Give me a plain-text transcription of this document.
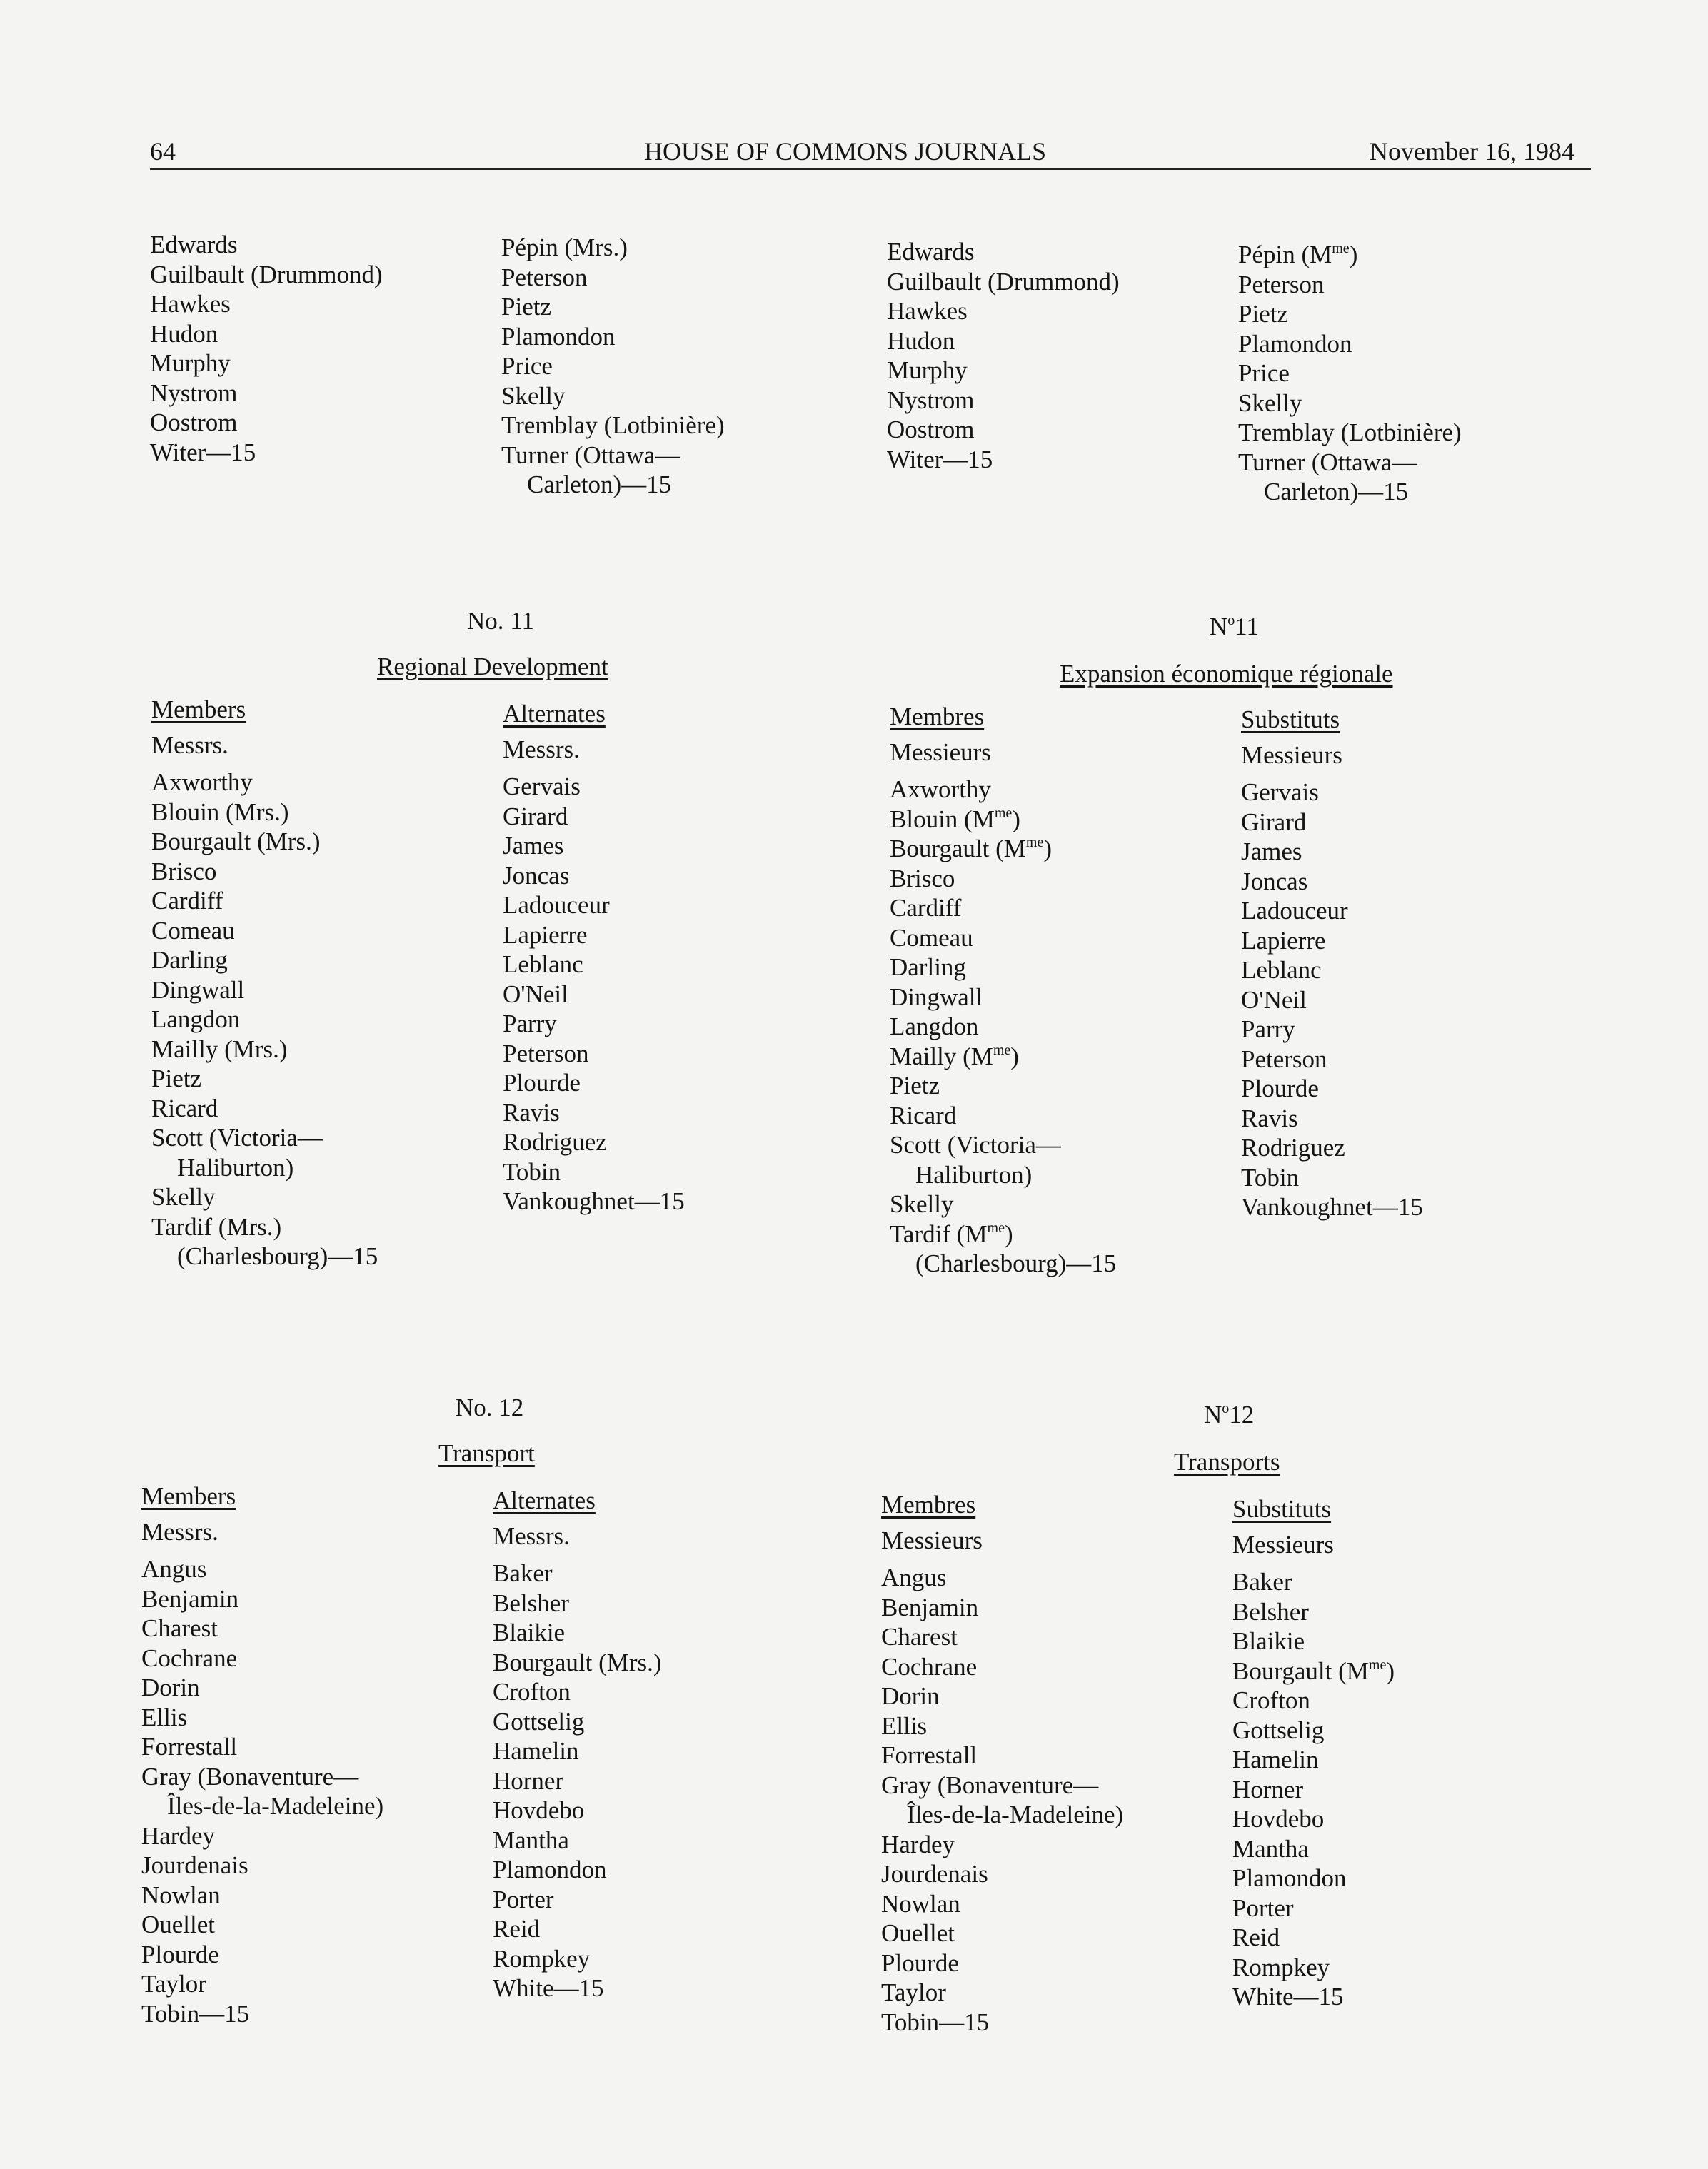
64	HOUSE OF COMMONS JOURNALS	November 16, 1984
Edwards
Guilbault (Drummond)
Hawkes
Hudon
Murphy
Nystrom
Oostrom
Witer—15
Pépin (Mrs.)
Peterson
Pietz
Plamondon
Price
Skelly
Tremblay (Lotbinière)
Turner (Ottawa—
Carleton)—15
Edwards
Guilbault (Drummond)
Hawkes
Hudon
Murphy
Nystrom
Oostrom
Witer—15
Pépin $(M^{me})$
Peterson
Pietz
Plamondon
Price
Skelly
Tremblay (Lotbinière)
Turner (Ottawa—
Carleton)—15
No. 11
Regional Development
Members
Messrs.
Axworthy
Blouin (Mrs.)
Bourgault (Mrs.)
Brisco
Cardiff
Comeau
Darling
Dingwall
Langdon
Mailly (Mrs.)
Pietz
Ricard
Scott (Victoria—
Haliburton)
Skelly
Tardif (Mrs.)
(Charlesbourg)—15
Alternates
Messrs.
Gervais
Girard
James
Joncas
Ladouceur
Lapierre
Leblanc
O'Neil
Parry
Peterson
Plourde
Ravis
Rodriguez
Tobin
Vankoughnet—15
$N^o11$
Expansion économique régionale
Membres
Messieurs
Axworthy
Blouin $(M^{me})$
Bourgault $(M^{me})$
Brisco
Cardiff
Comeau
Darling
Dingwall
Langdon
Mailly $(M^{me})$
Pietz
Ricard
Scott (Victoria—
Haliburton)
Skelly
Tardif $(M^{me})$
(Charlesbourg)—15
Substituts
Messieurs
Gervais
Girard
James
Joncas
Ladouceur
Lapierre
Leblanc
O'Neil
Parry
Peterson
Plourde
Ravis
Rodriguez
Tobin
Vankoughnet—15
No. 12
Transport
Members
Messrs.
Angus
Benjamin
Charest
Cochrane
Dorin
Ellis
Forrestall
Gray (Bonaventure—
Îles-de-la-Madeleine)
Hardey
Jourdenais
Nowlan
Ouellet
Plourde
Taylor
Tobin—15
Alternates
Messrs.
Baker
Belsher
Blaikie
Bourgault (Mrs.)
Crofton
Gottselig
Hamelin
Horner
Hovdebo
Mantha
Plamondon
Porter
Reid
Rompkey
White—15
$N^o12$
Transports
Membres
Messieurs
Angus
Benjamin
Charest
Cochrane
Dorin
Ellis
Forrestall
Gray (Bonaventure—
Îles-de-la-Madeleine)
Hardey
Jourdenais
Nowlan
Ouellet
Plourde
Taylor
Tobin—15
Substituts
Messieurs
Baker
Belsher
Blaikie
Bourgault $(M^{me})$
Crofton
Gottselig
Hamelin
Horner
Hovdebo
Mantha
Plamondon
Porter
Reid
Rompkey
White—15
